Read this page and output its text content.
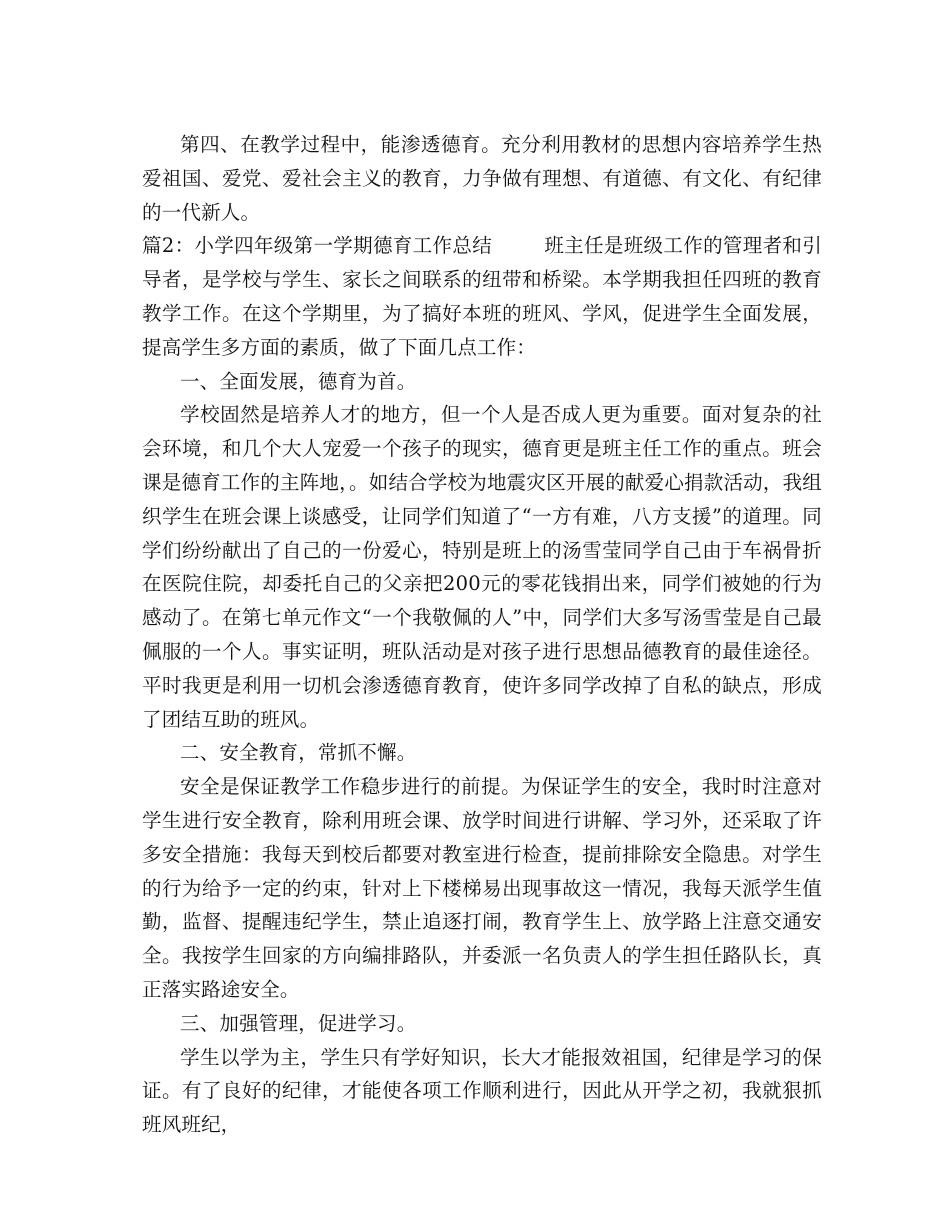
第四、在教学过程中，能渗透德育。充分利用教材的思想内容培养学生热爱祖国、爱党、爱社会主义的教育，力争做有理想、有道德、有文化、有纪律的一代新人。

篇2：小学四年级第一学期德育工作总结	班主任是班级工作的管理者和引导者，是学校与学生、家长之间联系的纽带和桥梁。本学期我担任四班的教育教学工作。在这个学期里，为了搞好本班的班风、学风，促进学生全面发展，提高学生多方面的素质，做了下面几点工作：

一、全面发展，德育为首。

学校固然是培养人才的地方，但一个人是否成人更为重要。面对复杂的社会环境，和几个大人宠爱一个孩子的现实，德育更是班主任工作的重点。班会课是德育工作的主阵地，。如结合学校为地震灾区开展的献爱心捐款活动，我组织学生在班会课上谈感受，让同学们知道了“一方有难，八方支援”的道理。同学们纷纷献出了自己的一份爱心，特别是班上的汤雪莹同学自己由于车祸骨折在医院住院，却委托自己的父亲把200元的零花钱捐出来，同学们被她的行为感动了。在第七单元作文“一个我敬佩的人”中，同学们大多写汤雪莹是自己最佩服的一个人。事实证明，班队活动是对孩子进行思想品德教育的最佳途径。平时我更是利用一切机会渗透德育教育，使许多同学改掉了自私的缺点，形成了团结互助的班风。

二、安全教育，常抓不懈。

安全是保证教学工作稳步进行的前提。为保证学生的安全，我时时注意对学生进行安全教育，除利用班会课、放学时间进行讲解、学习外，还采取了许多安全措施：我每天到校后都要对教室进行检查，提前排除安全隐患。对学生的行为给予一定的约束，针对上下楼梯易出现事故这一情况，我每天派学生值勤，监督、提醒违纪学生，禁止追逐打闹，教育学生上、放学路上注意交通安全。我按学生回家的方向编排路队，并委派一名负责人的学生担任路队长，真正落实路途安全。

三、加强管理，促进学习。

学生以学为主，学生只有学好知识，长大才能报效祖国，纪律是学习的保证。有了良好的纪律，才能使各项工作顺利进行，因此从开学之初，我就狠抓班风班纪，
